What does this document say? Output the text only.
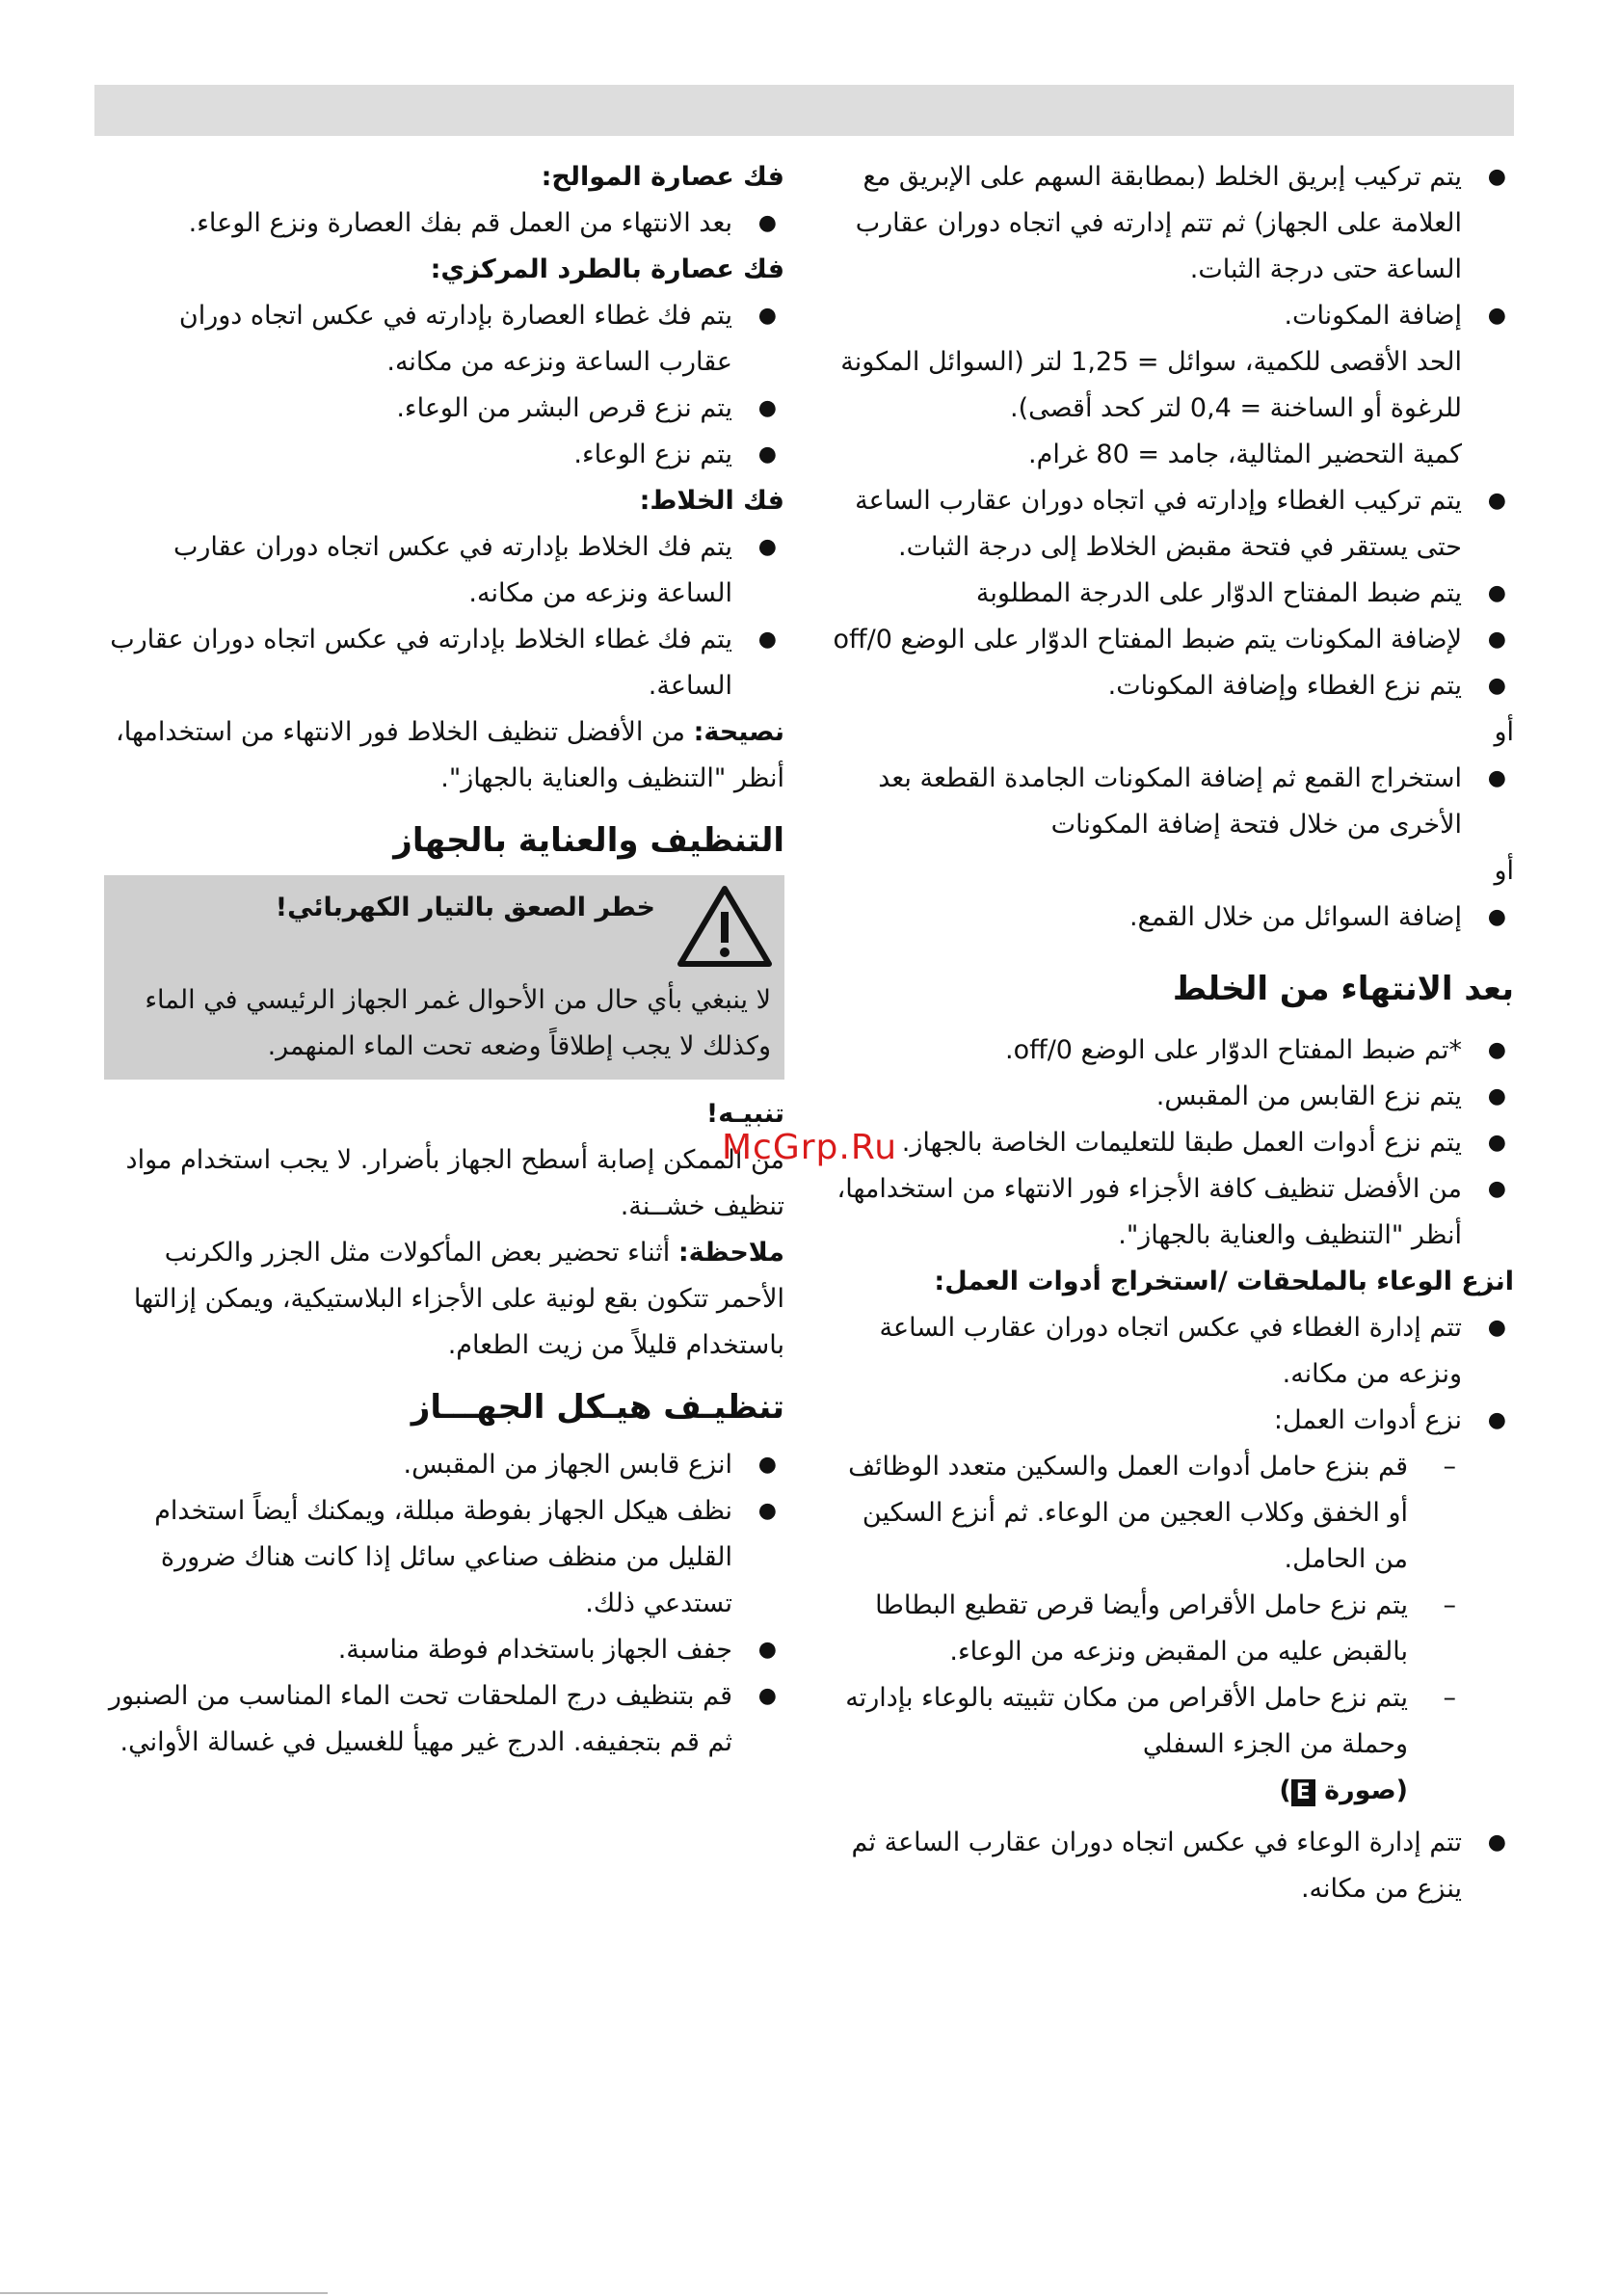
●
يتم تركيب إبريق الخلط (بمطابقة السهم على الإبريق مع العلامة على الجهاز) ثم تتم إدارته في اتجاه دوران عقارب الساعة حتى درجة الثبات.
●
إضافة المكونات.
الحد الأقصى للكمية، سوائل = 1,25 لتر (السوائل المكونة للرغوة أو الساخنة = 0,4 لتر كحد أقصى).
كمية التحضير المثالية، جامد = 80 غرام.
●
يتم تركيب الغطاء وإدارته في اتجاه دوران عقارب الساعة حتى يستقر في فتحة مقبض الخلاط إلى درجة الثبات.
●
يتم ضبط المفتاح الدوّار على الدرجة المطلوبة
●
لإضافة المكونات يتم ضبط المفتاح الدوّار على الوضع off/0
●
يتم نزع الغطاء وإضافة المكونات.
أو
●
استخراج القمع ثم إضافة المكونات الجامدة القطعة بعد الأخرى من خلال فتحة إضافة المكونات
أو
●
إضافة السوائل من خلال القمع.
بعد الانتهاء من الخلط
●
*تم ضبط المفتاح الدوّار على الوضع off/0.
●
يتم نزع القابس من المقبس.
●
يتم نزع أدوات العمل طبقا للتعليمات الخاصة بالجهاز.
●
من الأفضل تنظيف كافة الأجزاء فور الانتهاء من استخدامها، أنظر "التنظيف والعناية بالجهاز".
انزع الوعاء بالملحقات /استخراج أدوات العمل:
●
تتم إدارة الغطاء في عكس اتجاه دوران عقارب الساعة ونزعه من مكانه.
●
نزع أدوات العمل:
–
قم بنزع حامل أدوات العمل والسكين متعدد الوظائف أو الخفق وكلاب العجين من الوعاء. ثم أنزع السكين من الحامل.
–
يتم نزع حامل الأقراص وأيضا قرص تقطيع البطاطا بالقبض عليه من المقبض ونزعه من الوعاء.
–
يتم نزع حامل الأقراص من مكان تثبيته بالوعاء بإدارته وحملة من الجزء السفلي
(صورة E)
●
تتم إدارة الوعاء في عكس اتجاه دوران عقارب الساعة ثم ينزع من مكانه.
فك عصارة الموالح:
●
بعد الانتهاء من العمل قم بفك العصارة ونزع الوعاء.
فك عصارة بالطرد المركزي:
●
يتم فك غطاء العصارة بإدارته في عكس اتجاه دوران عقارب الساعة ونزعه من مكانه.
●
يتم نزع قرص البشر من الوعاء.
●
يتم نزع الوعاء.
فك الخلاط:
●
يتم فك الخلاط بإدارته في عكس اتجاه دوران عقارب الساعة ونزعه من مكانه.
●
يتم فك غطاء الخلاط بإدارته في عكس اتجاه دوران عقارب الساعة.
نصيحة: من الأفضل تنظيف الخلاط فور الانتهاء من استخدامها، أنظر "التنظيف والعناية بالجهاز".
التنظيف والعناية بالجهاز
خطر الصعق بالتيار الكهربائي!
لا ينبغي بأي حال من الأحوال غمر الجهاز الرئيسي في الماء وكذلك لا يجب إطلاقاً وضعه تحت الماء المنهمر.
تنبيـه!
من الممكن إصابة أسطح الجهاز بأضرار. لا يجب استخدام مواد تنظيف خشــنة.
ملاحظة: أثناء تحضير بعض المأكولات مثل الجزر والكرنب الأحمر تتكون بقع لونية على الأجزاء البلاستيكية، ويمكن إزالتها باستخدام قليلاً من زيت الطعام.
تنظيـف هيـكل الجهـــاز
●
انزع قابس الجهاز من المقبس.
●
نظف هيكل الجهاز بفوطة مبللة، ويمكنك أيضاً استخدام القليل من منظف صناعي سائل إذا كانت هناك ضرورة تستدعي ذلك.
●
جفف الجهاز باستخدام فوطة مناسبة.
●
قم بتنظيف درج الملحقات تحت الماء المناسب من الصنبور ثم قم بتجفيفه. الدرج غير مهيأ للغسيل في غسالة الأواني.
McGrp.Ru
